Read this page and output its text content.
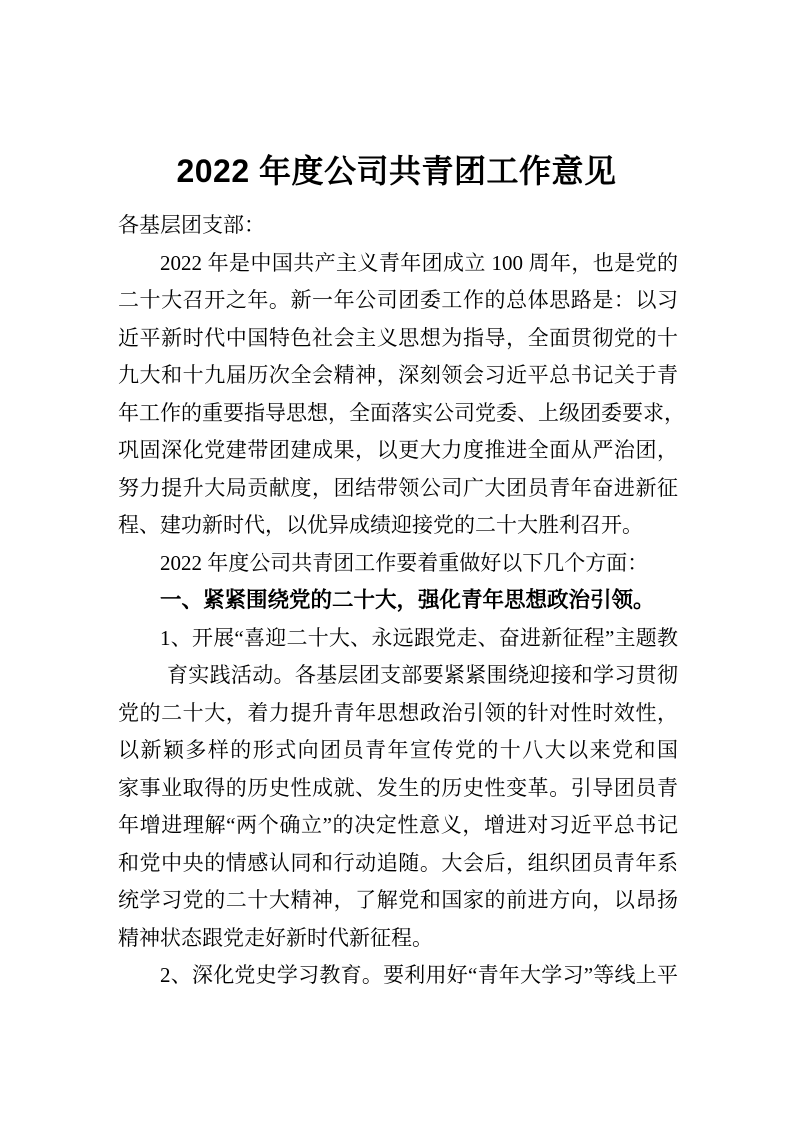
2022 年度公司共青团工作意见
各基层团支部：
2022 年是中国共产主义青年团成立 100 周年，也是党的
二十大召开之年。新一年公司团委工作的总体思路是：以习
近平新时代中国特色社会主义思想为指导，全面贯彻党的十
九大和十九届历次全会精神，深刻领会习近平总书记关于青
年工作的重要指导思想，全面落实公司党委、上级团委要求，
巩固深化党建带团建成果，以更大力度推进全面从严治团，
努力提升大局贡献度，团结带领公司广大团员青年奋进新征
程、建功新时代，以优异成绩迎接党的二十大胜利召开。
2022 年度公司共青团工作要着重做好以下几个方面：
一、紧紧围绕党的二十大，强化青年思想政治引领。
1、开展“喜迎二十大、永远跟党走、奋进新征程”主题教
育实践活动。各基层团支部要紧紧围绕迎接和学习贯彻
党的二十大，着力提升青年思想政治引领的针对性时效性，
以新颖多样的形式向团员青年宣传党的十八大以来党和国
家事业取得的历史性成就、发生的历史性变革。引导团员青
年增进理解“两个确立”的决定性意义，增进对习近平总书记
和党中央的情感认同和行动追随。大会后，组织团员青年系
统学习党的二十大精神，了解党和国家的前进方向，以昂扬
精神状态跟党走好新时代新征程。
2、深化党史学习教育。要利用好“青年大学习”等线上平
